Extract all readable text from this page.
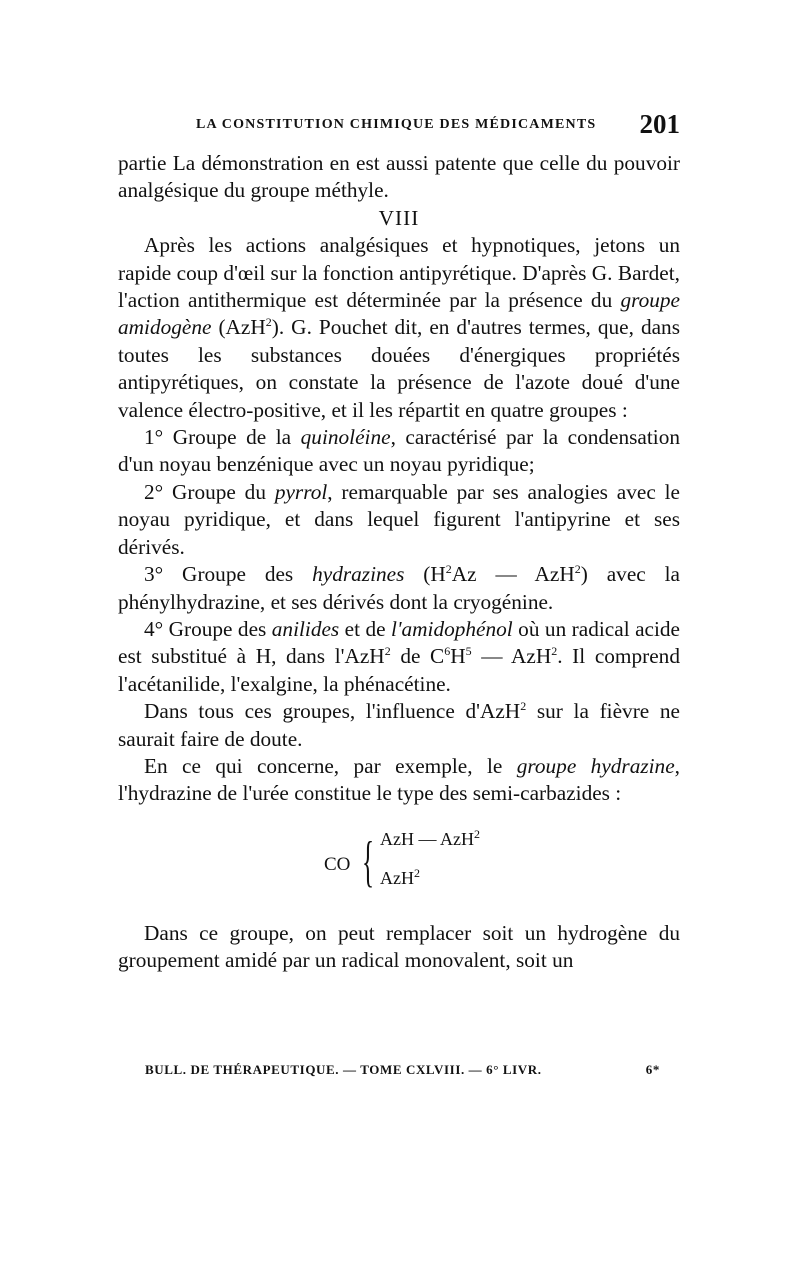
LA CONSTITUTION CHIMIQUE DES MÉDICAMENTS 201

partie La démonstration en est aussi patente que celle du pouvoir analgésique du groupe méthyle.

VIII

Après les actions analgésiques et hypnotiques, jetons un rapide coup d'œil sur la fonction antipyrétique. D'après G. Bardet, l'action antithermique est déterminée par la présence du groupe amidogène (AzH$^2$). G. Pouchet dit, en d'autres termes, que, dans toutes les substances douées d'énergiques propriétés antipyrétiques, on constate la présence de l'azote doué d'une valence électro-positive, et il les répartit en quatre groupes :

1° Groupe de la quinoléine, caractérisé par la condensation d'un noyau benzénique avec un noyau pyridique;

2° Groupe du pyrrol, remarquable par ses analogies avec le noyau pyridique, et dans lequel figurent l'antipyrine et ses dérivés.

3° Groupe des hydrazines ($H^2Az$ — AzH$^2$) avec la phénylhydrazine, et ses dérivés dont la cryogénine.

4° Groupe des anilides et de l'amidophénol où un radical acide est substitué à H, dans l'AzH$^2$ de $C^6H^5$ — AzH$^2$. Il comprend l'acétanilide, l'exalgine, la phénacétine.

Dans tous ces groupes, l'influence d'AzH$^2$ sur la fièvre ne saurait faire de doute.

En ce qui concerne, par exemple, le groupe hydrazine, l'hydrazine de l'urée constitue le type des semi-carbazides :

CO { AzH — AzH$^2$
AzH$^2$

Dans ce groupe, on peut remplacer soit un hydrogène du groupement amidé par un radical monovalent, soit un

BULL. DE THÉRAPEUTIQUE. — TOME CXLVIII. — 6° LIVR.	6*
